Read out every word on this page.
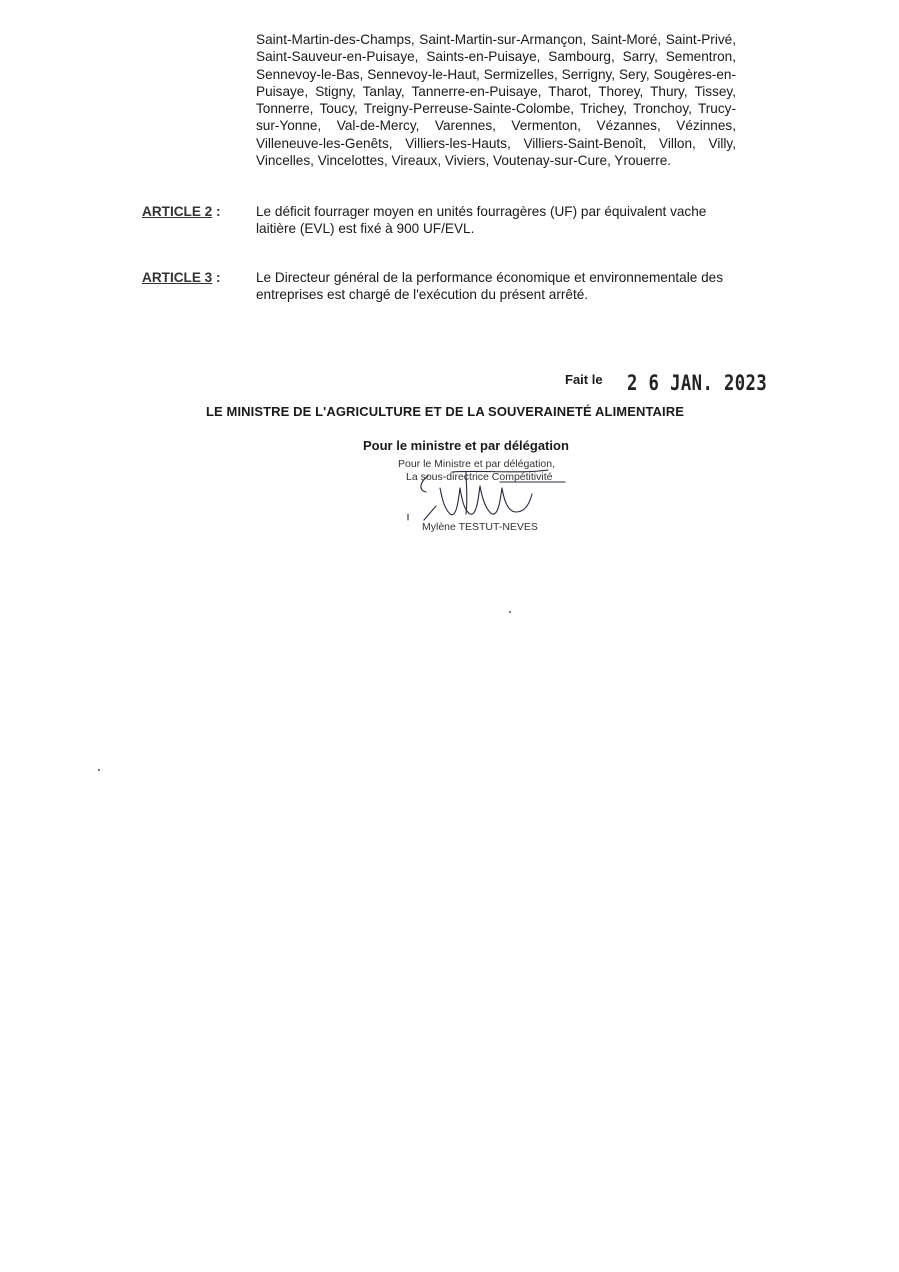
Saint-Martin-des-Champs, Saint-Martin-sur-Armançon, Saint-Moré, Saint-Privé, Saint-Sauveur-en-Puisaye, Saints-en-Puisaye, Sambourg, Sarry, Sementron, Sennevoy-le-Bas, Sennevoy-le-Haut, Sermizelles, Serrigny, Sery, Sougères-en-Puisaye, Stigny, Tanlay, Tannerre-en-Puisaye, Tharot, Thorey, Thury, Tissey, Tonnerre, Toucy, Treigny-Perreuse-Sainte-Colombe, Trichey, Tronchoy, Trucy-sur-Yonne, Val-de-Mercy, Varennes, Vermenton, Vézannes, Vézinnes, Villeneuve-les-Genêts, Villiers-les-Hauts, Villiers-Saint-Benoît, Villon, Villy, Vincelles, Vincelottes, Vireaux, Viviers, Voutenay-sur-Cure, Yrouerre.
ARTICLE 2 :	Le déficit fourrager moyen en unités fourragères (UF) par équivalent vache laitière (EVL) est fixé à 900 UF/EVL.
ARTICLE 3 :	Le Directeur général de la performance économique et environnementale des entreprises est chargé de l'exécution du présent arrêté.
Fait le 2 6 JAN. 2023
LE MINISTRE DE L'AGRICULTURE ET DE LA SOUVERAINETÉ ALIMENTAIRE
Pour le ministre et par délégation
Pour le Ministre et par délégation,
La sous-directrice Compétitivité
Mylène TESTUT-NEVES
